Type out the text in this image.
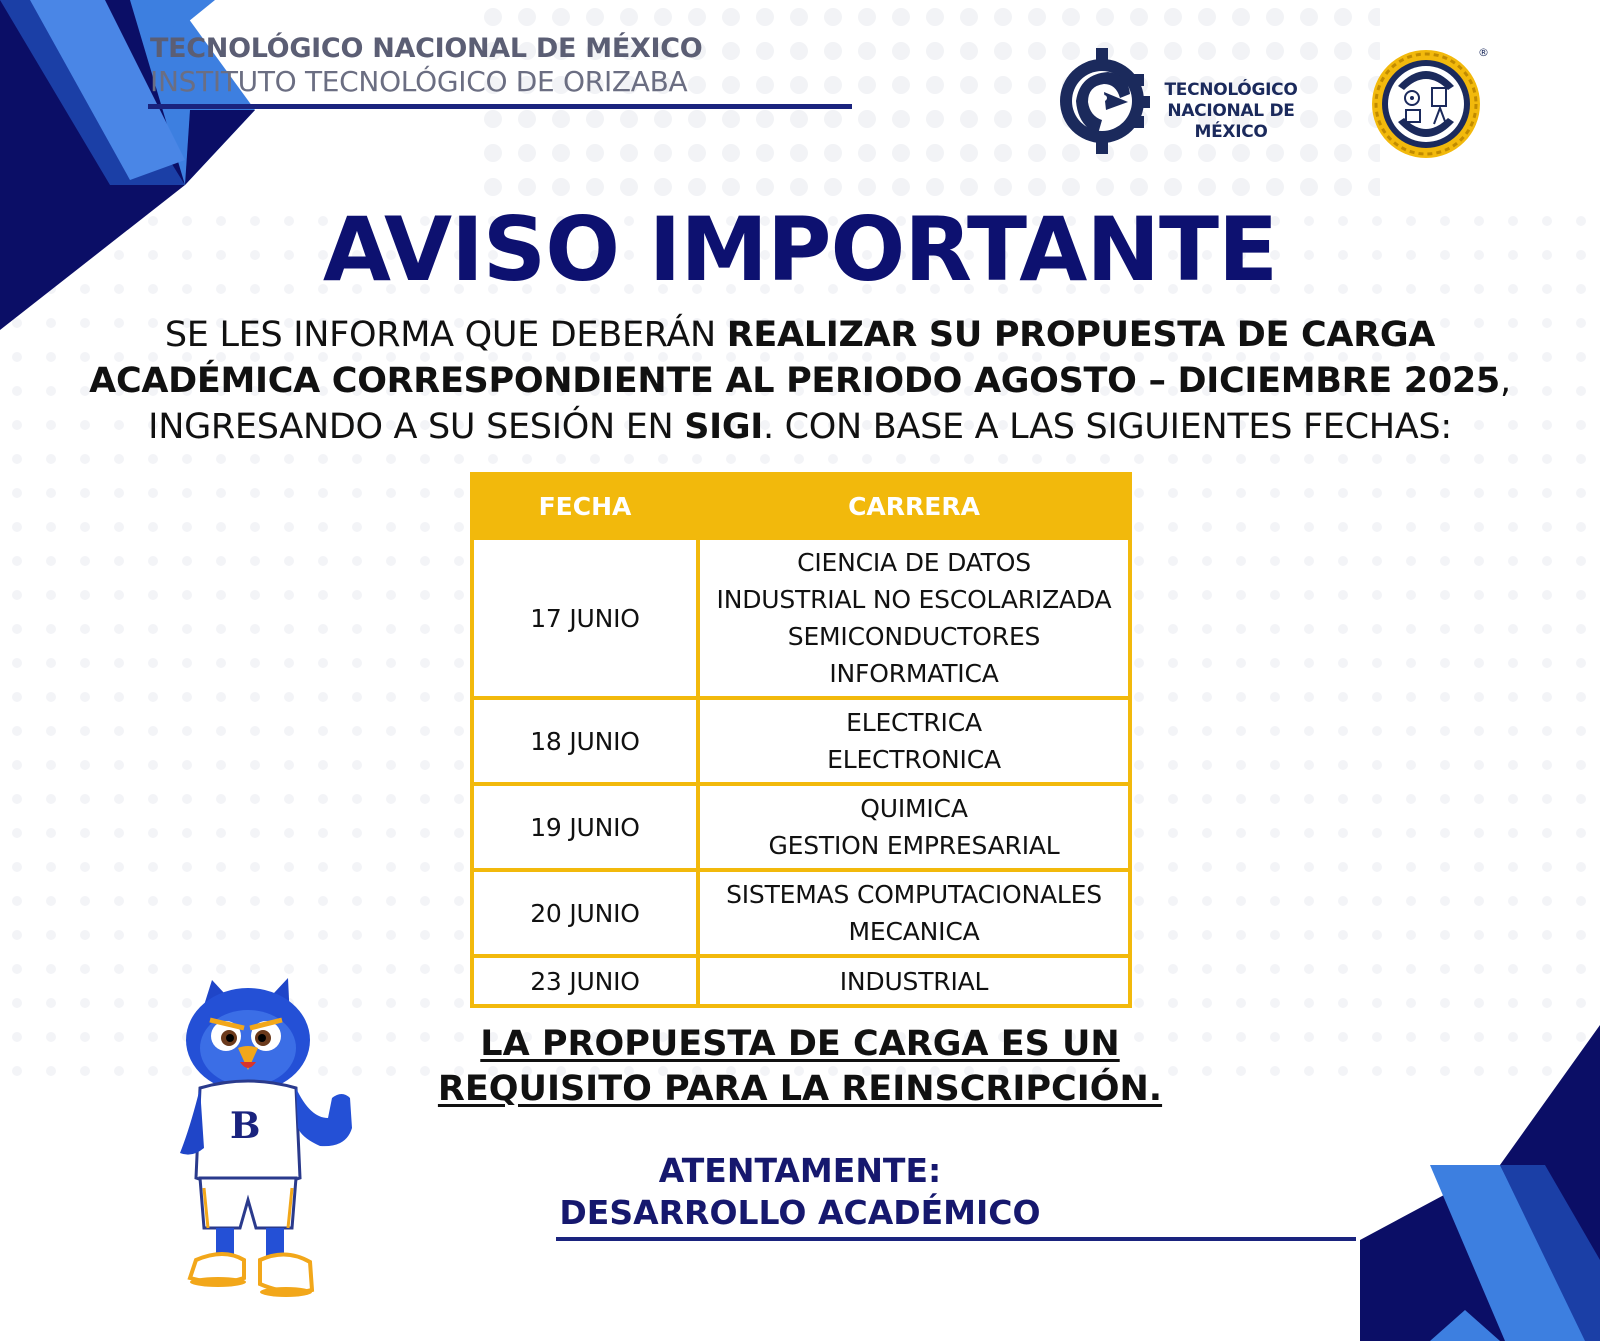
TECNOLÓGICO NACIONAL DE MÉXICO
INSTITUTO TECNOLÓGICO DE ORIZABA	TECNOLÓGICO
NACIONAL DE MÉXICO
®
AVISO IMPORTANTE
SE LES INFORMA QUE DEBERÁN REALIZAR SU PROPUESTA DE CARGA ACADÉMICA CORRESPONDIENTE AL PERIODO AGOSTO – DICIEMBRE 2025, INGRESANDO A SU SESIÓN EN SIGI. CON BASE A LAS SIGUIENTES FECHAS:
FECHA	CARRERA
17 JUNIO	CIENCIA DE DATOS
INDUSTRIAL NO ESCOLARIZADA
SEMICONDUCTORES
INFORMATICA

18 JUNIO	ELECTRICA
ELECTRONICA

19 JUNIO	QUIMICA
GESTION EMPRESARIAL

20 JUNIO	SISTEMAS COMPUTACIONALES
MECANICA

23 JUNIO	INDUSTRIAL
LA PROPUESTA DE CARGA ES UN
REQUISITO PARA LA REINSCRIPCIÓN.
ATENTAMENTE:
DESARROLLO ACADÉMICO
B
